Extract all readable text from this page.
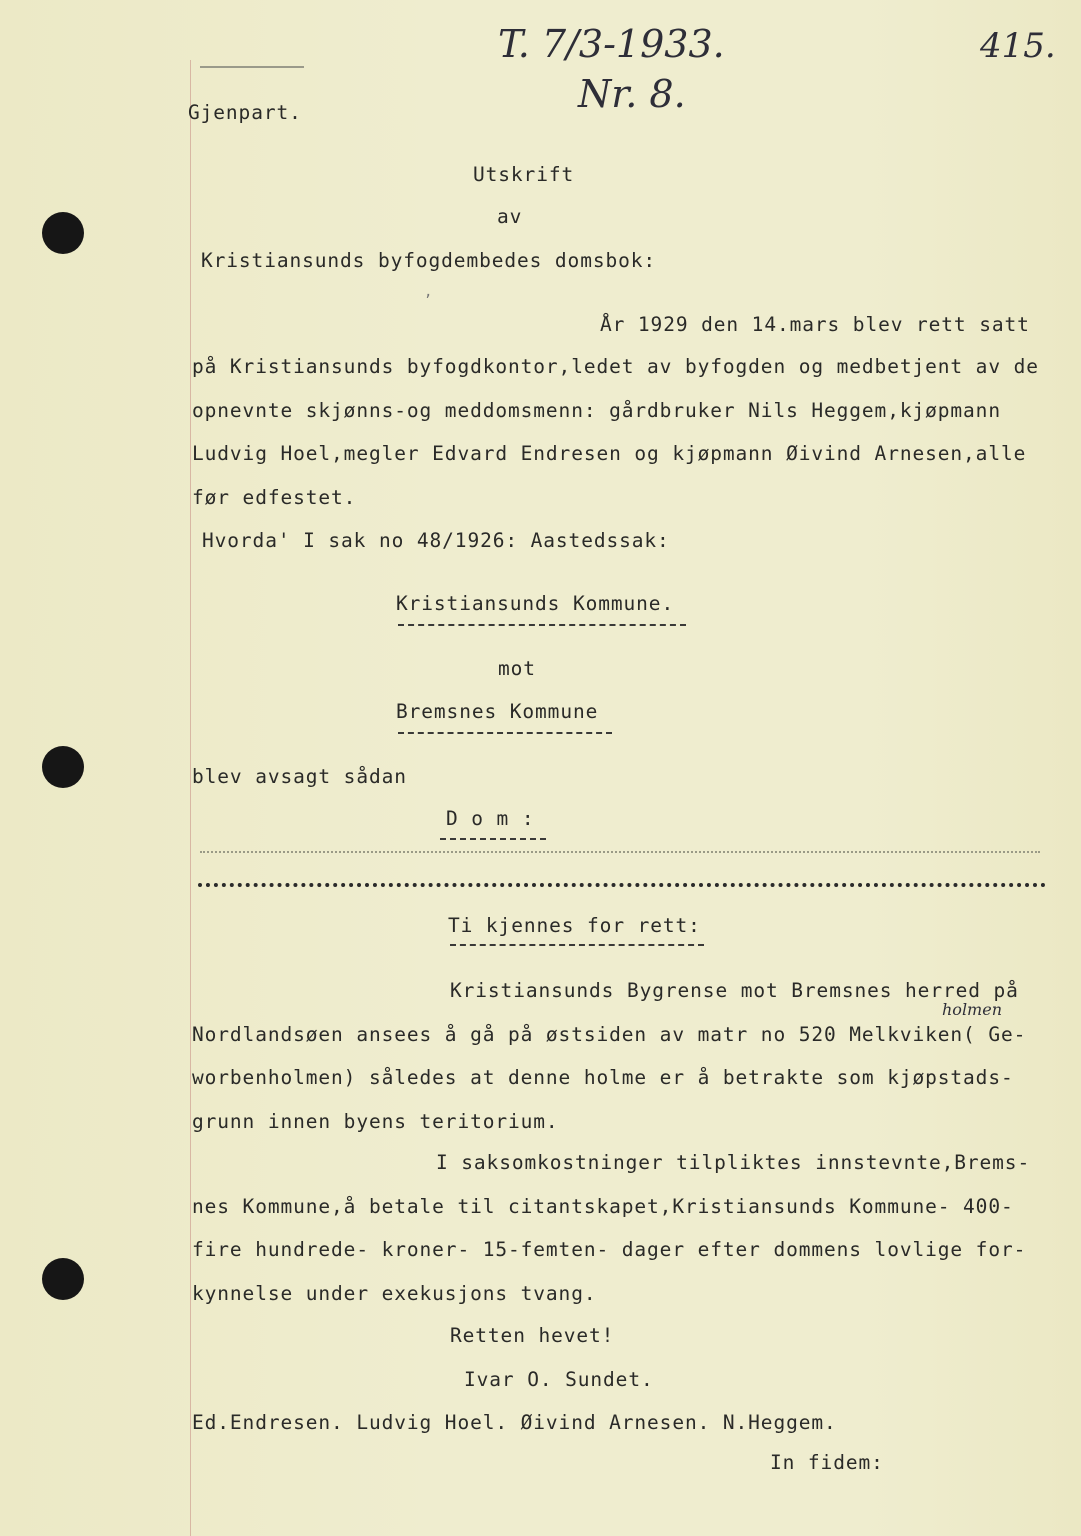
T. 7/3-1933.
Nr. 8.
415.
holmen
Gjenpart.
Utskrift
av
Kristiansunds byfogdembedes domsbok:
,
År 1929 den 14.mars blev rett satt
på Kristiansunds byfogdkontor,ledet av byfogden og medbetjent av de
opnevnte skjønns-og meddomsmenn: gårdbruker Nils Heggem,kjøpmann
Ludvig Hoel,megler Edvard Endresen og kjøpmann Øivind Arnesen,alle
før edfestet.
Hvorda' I sak no 48/1926: Aastedssak:
Kristiansunds Kommune.
mot
Bremsnes Kommune
blev avsagt sådan
D o m :
Ti kjennes for rett:
Kristiansunds Bygrense mot Bremsnes herred på
Nordlandsøen ansees å gå på østsiden av matr no 520 Melkviken( Ge-
worbenholmen) således at denne holme er å betrakte som kjøpstads-
grunn innen byens teritorium.
I saksomkostninger tilpliktes innstevnte,Brems-
nes Kommune,å betale til citantskapet,Kristiansunds Kommune- 400-
fire hundrede- kroner- 15-femten- dager efter dommens lovlige for-
kynnelse under exekusjons tvang.
Retten hevet!
Ivar O. Sundet.
Ed.Endresen. Ludvig Hoel. Øivind Arnesen. N.Heggem.
In fidem:
